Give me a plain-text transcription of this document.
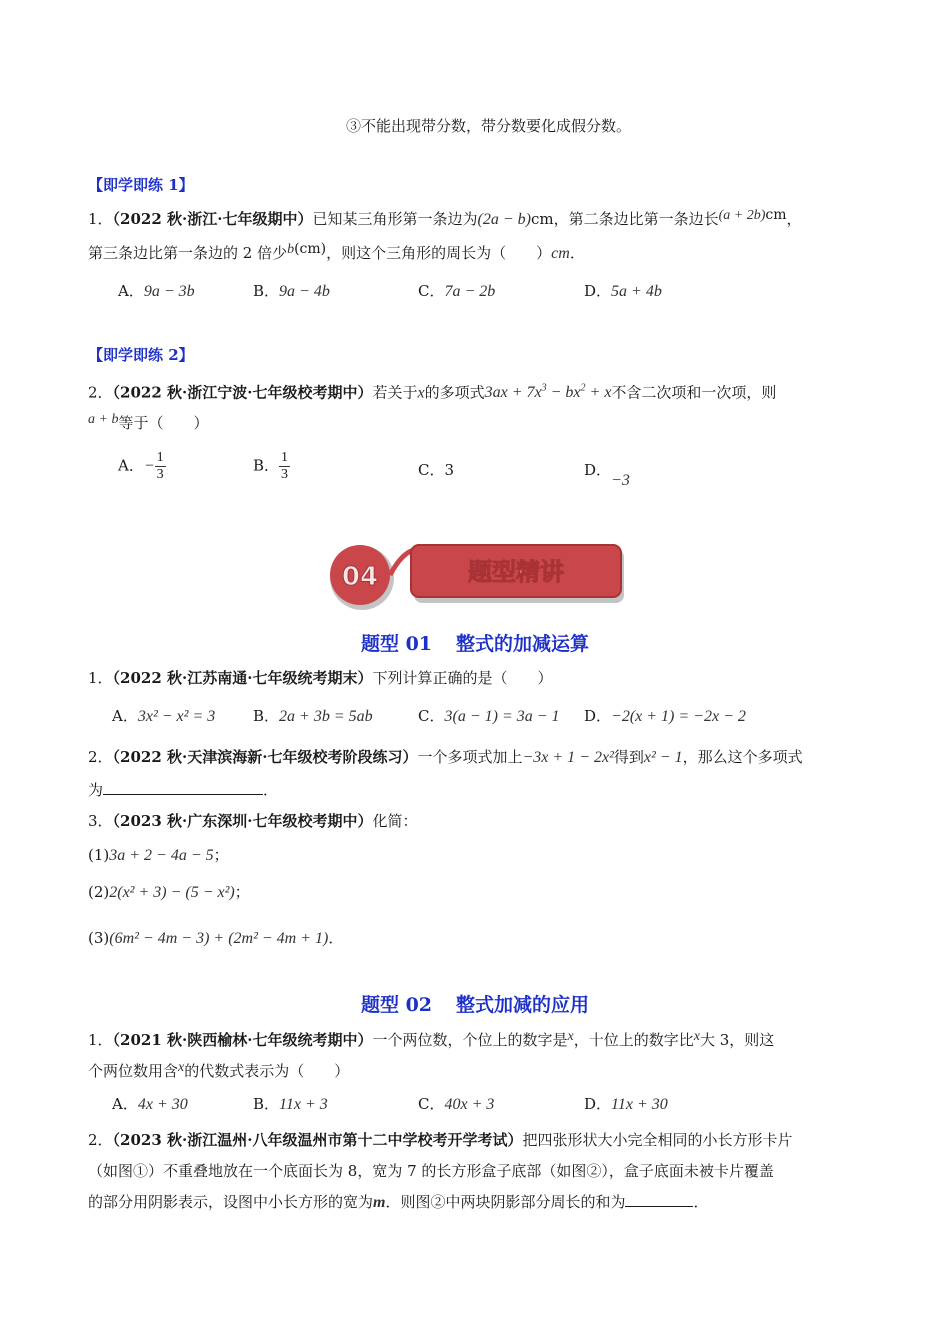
③不能出现带分数，带分数要化成假分数。
【即学即练 1】
1．（2022 秋·浙江·七年级期中）已知某三角形第一条边为(2a − b)cm，第二条边比第一条边长(a + 2b)cm，
第三条边比第一条边的 2 倍少b(cm)，则这个三角形的周长为（　　）cm．
A．9a − 3b	B．9a − 4b	C．7a − 2b	D．5a + 4b
【即学即练 2】
2．（2022 秋·浙江宁波·七年级校考期中）若关于x的多项式$3ax + 7x^3 - bx^2 + x$不含二次项和一次项，则
a + b等于（　　）
A．− $\frac{1}{3}$	B． $\frac{1}{3}$	C．3	D．−3
04	题型精讲
题型 01 整式的加减运算
1．（2022 秋·江苏南通·七年级统考期末）下列计算正确的是（　　）
A．3x² − x² = 3	B．2a + 3b = 5ab	C．3(a − 1) = 3a − 1 D．−2(x + 1) = −2x − 2
2．（2022 秋·天津滨海新·七年级校考阶段练习）一个多项式加上−3x + 1 − 2x²得到x² − 1，那么这个多项式
为	．
3．（2023 秋·广东深圳·七年级校考期中）化简：
(1)3a + 2 − 4a − 5；
(2)2(x² + 3) − (5 − x²)；
(3)(6m² − 4m − 3) + (2m² − 4m + 1)．
题型 02 整式加减的应用
1．（2021 秋·陕西榆林·七年级统考期中）一个两位数，个位上的数字是x，十位上的数字比x大 3，则这
个两位数用含x的代数式表示为（　　）
A．4x + 30	B．11x + 3	C．40x + 3	D．11x + 30
2．（2023 秋·浙江温州·八年级温州市第十二中学校考开学考试）把四张形状大小完全相同的小长方形卡片
（如图①）不重叠地放在一个底面长为 8，宽为 7 的长方形盒子底部（如图②），盒子底面未被卡片覆盖
的部分用阴影表示，设图中小长方形的宽为m．则图②中两块阴影部分周长的和为	．
